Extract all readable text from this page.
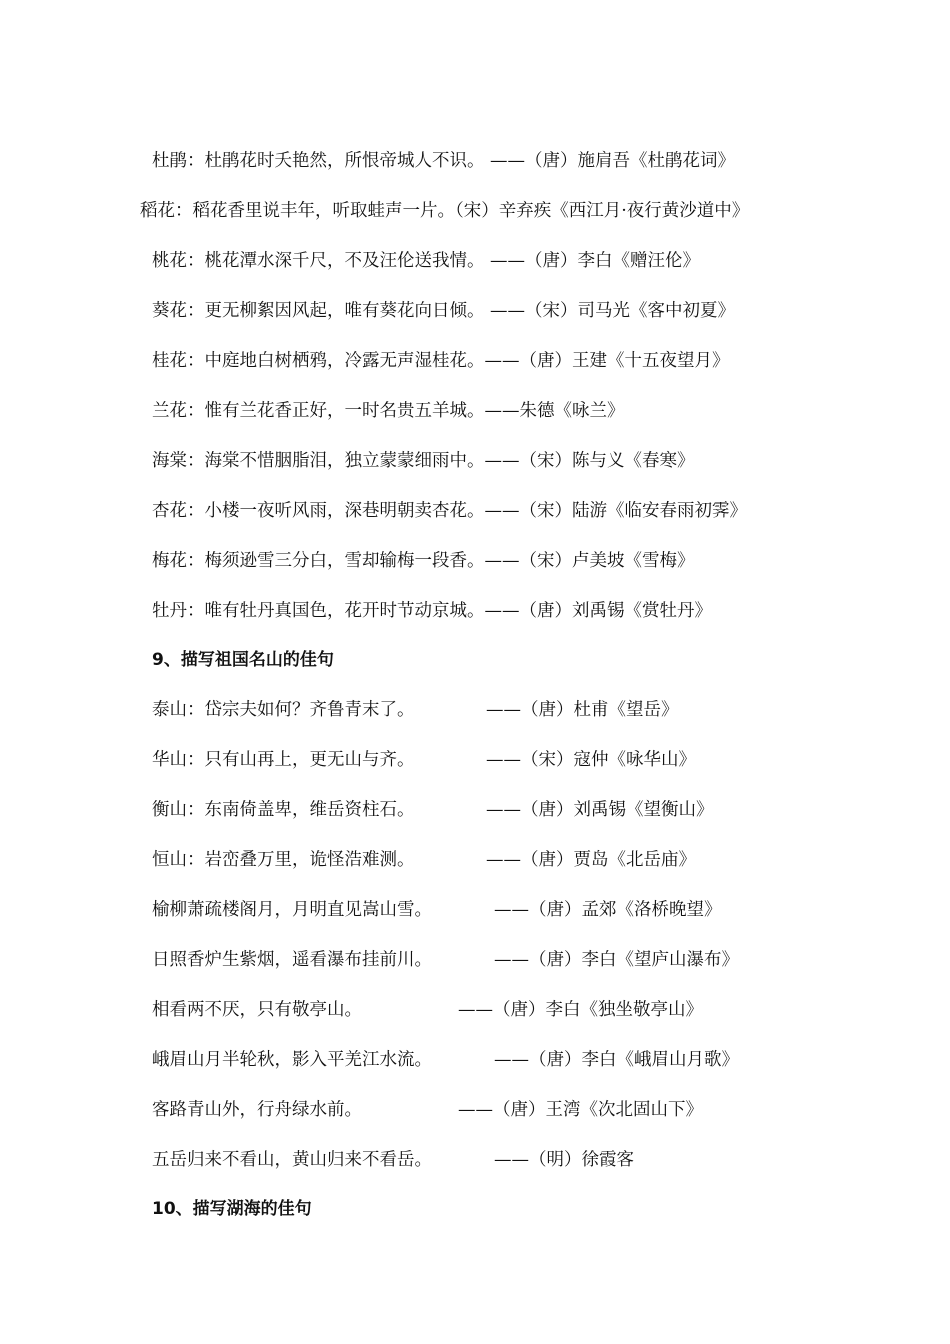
杜鹃：杜鹃花时夭艳然，所恨帝城人不识。 ——（唐）施肩吾《杜鹃花词》
稻花：稻花香里说丰年，听取蛙声一片。（宋）辛弃疾《西江月·夜行黄沙道中》
桃花：桃花潭水深千尺，不及汪伦送我情。 ——（唐）李白《赠汪伦》
葵花：更无柳絮因风起，唯有葵花向日倾。 ——（宋）司马光《客中初夏》
桂花：中庭地白树栖鸦，冷露无声湿桂花。——（唐）王建《十五夜望月》
兰花：惟有兰花香正好，一时名贵五羊城。——朱德《咏兰》
海棠：海棠不惜胭脂泪，独立蒙蒙细雨中。——（宋）陈与义《春寒》
杏花：小楼一夜听风雨，深巷明朝卖杏花。——（宋）陆游《临安春雨初霁》
梅花：梅须逊雪三分白，雪却输梅一段香。——（宋）卢美坡《雪梅》
牡丹：唯有牡丹真国色，花开时节动京城。——（唐）刘禹锡《赏牡丹》
9、描写祖国名山的佳句
泰山：岱宗夫如何？齐鲁青末了。	——（唐）杜甫《望岳》
华山：只有山再上，更无山与齐。	——（宋）寇仲《咏华山》
衡山：东南倚盖卑，维岳资柱石。	——（唐）刘禹锡《望衡山》
恒山：岩峦叠万里，诡怪浩难测。	——（唐）贾岛《北岳庙》
榆柳萧疏楼阁月，月明直见嵩山雪。	——（唐）孟郊《洛桥晚望》
日照香炉生紫烟，遥看瀑布挂前川。	——（唐）李白《望庐山瀑布》
相看两不厌，只有敬亭山。	——（唐）李白《独坐敬亭山》
峨眉山月半轮秋，影入平羌江水流。	——（唐）李白《峨眉山月歌》
客路青山外，行舟绿水前。	——（唐）王湾《次北固山下》
五岳归来不看山，黄山归来不看岳。	——（明）徐霞客
10、描写湖海的佳句
